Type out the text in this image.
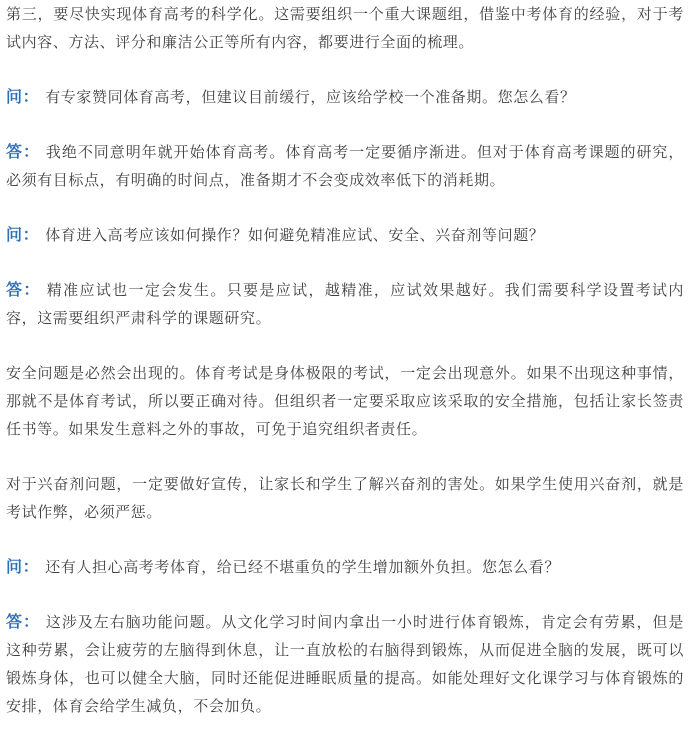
第三，要尽快实现体育高考的科学化。这需要组织一个重大课题组，借鉴中考体育的经验，对于考试内容、方法、评分和廉洁公正等所有内容，都要进行全面的梳理。

问： 有专家赞同体育高考，但建议目前缓行，应该给学校一个准备期。您怎么看？

答： 我绝不同意明年就开始体育高考。体育高考一定要循序渐进。但对于体育高考课题的研究，必须有目标点，有明确的时间点，准备期才不会变成效率低下的消耗期。

问： 体育进入高考应该如何操作？如何避免精准应试、安全、兴奋剂等问题？

答： 精准应试也一定会发生。只要是应试，越精准，应试效果越好。我们需要科学设置考试内容，这需要组织严肃科学的课题研究。

安全问题是必然会出现的。体育考试是身体极限的考试，一定会出现意外。如果不出现这种事情，那就不是体育考试，所以要正确对待。但组织者一定要采取应该采取的安全措施，包括让家长签责任书等。如果发生意料之外的事故，可免于追究组织者责任。

对于兴奋剂问题，一定要做好宣传，让家长和学生了解兴奋剂的害处。如果学生使用兴奋剂，就是考试作弊，必须严惩。

问： 还有人担心高考考体育，给已经不堪重负的学生增加额外负担。您怎么看？

答： 这涉及左右脑功能问题。从文化学习时间内拿出一小时进行体育锻炼，肯定会有劳累，但是这种劳累，会让疲劳的左脑得到休息，让一直放松的右脑得到锻炼，从而促进全脑的发展，既可以锻炼身体，也可以健全大脑，同时还能促进睡眠质量的提高。如能处理好文化课学习与体育锻炼的安排，体育会给学生减负，不会加负。
